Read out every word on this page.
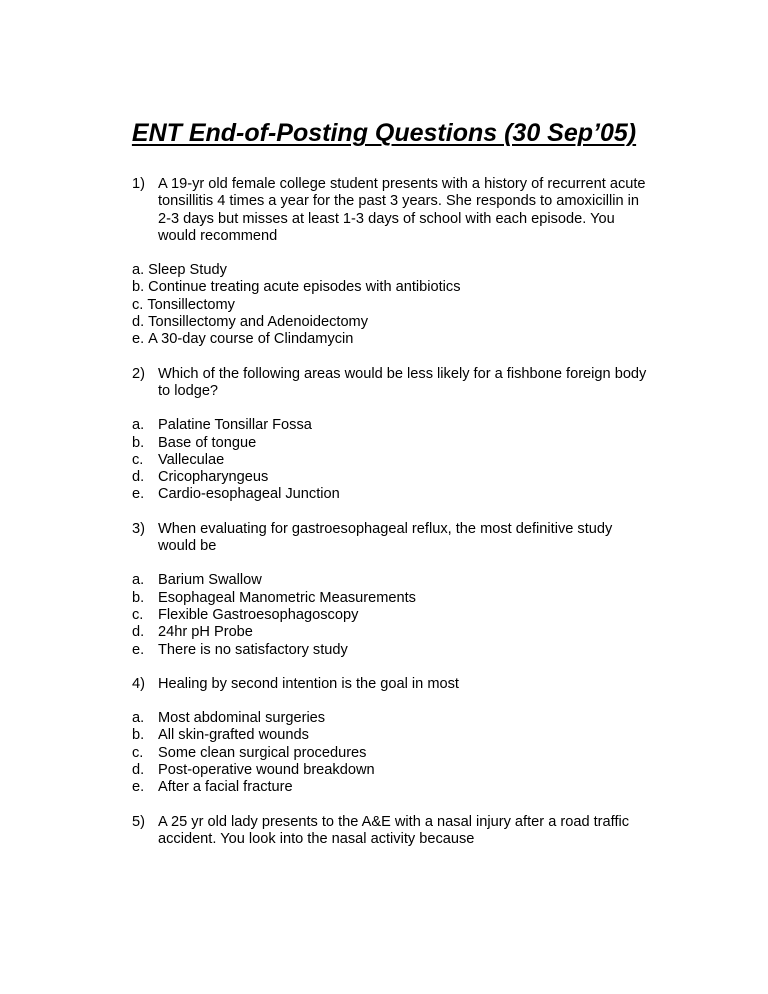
ENT End-of-Posting Questions (30 Sep’05)
1) A 19-yr old female college student presents with a history of recurrent acute tonsillitis 4 times a year for the past 3 years. She responds to amoxicillin in 2-3 days but misses at least 1-3 days of school with each episode. You would recommend
a. Sleep Study
b. Continue treating acute episodes with antibiotics
c. Tonsillectomy
d. Tonsillectomy and Adenoidectomy
e. A 30-day course of Clindamycin
2) Which of the following areas would be less likely for a fishbone foreign body to lodge?
a. Palatine Tonsillar Fossa
b. Base of tongue
c. Valleculae
d. Cricopharyngeus
e. Cardio-esophageal Junction
3) When evaluating for gastroesophageal reflux, the most definitive study would be
a. Barium Swallow
b. Esophageal Manometric Measurements
c. Flexible Gastroesophagoscopy
d. 24hr pH Probe
e. There is no satisfactory study
4) Healing by second intention is the goal in most
a. Most abdominal surgeries
b. All skin-grafted wounds
c. Some clean surgical procedures
d. Post-operative wound breakdown
e. After a facial fracture
5) A 25 yr old lady presents to the A&E with a nasal injury after a road traffic accident. You look into the nasal activity because
